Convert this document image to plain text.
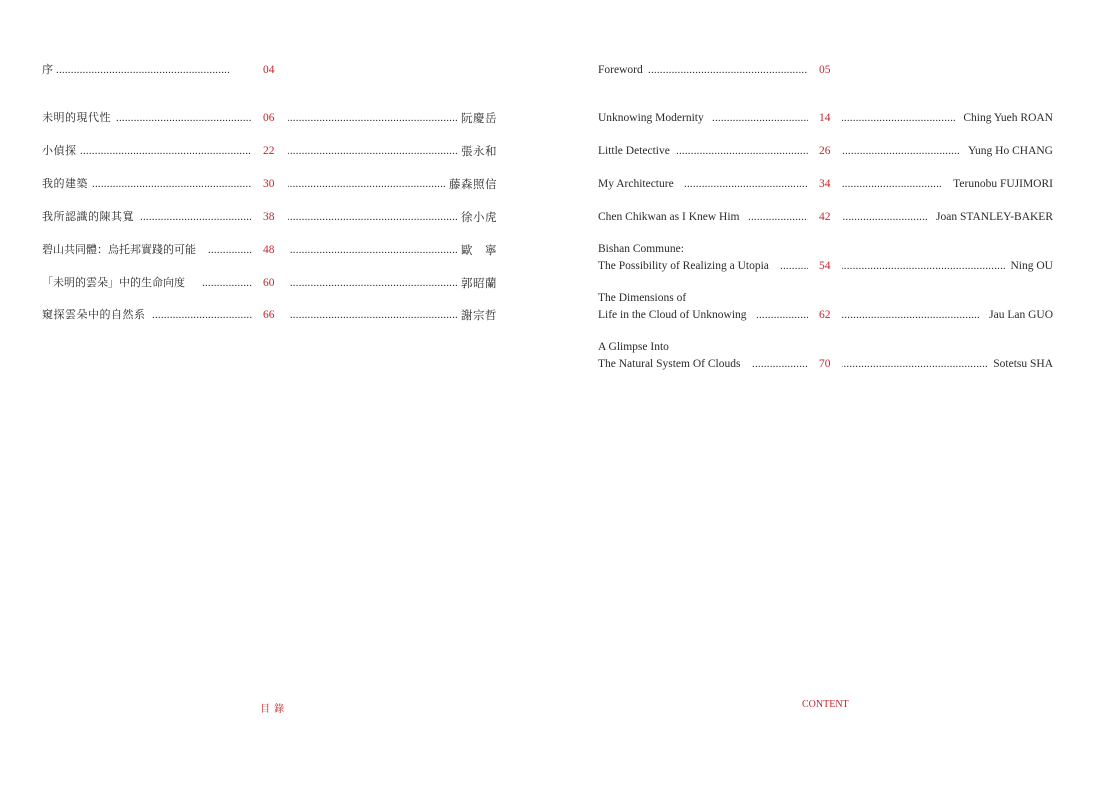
序 .....	04
未明的現代性 .....	06 .....	阮慶岳
小偵探 .....	22 .....	張永和
我的建築 .....	30 .....	藤森照信
我所認識的陳其寬 .....	38 .....	徐小虎
碧山共同體：烏托邦實踐的可能 .....	48 .....	歐　寧
「未明的雲朵」中的生命向度 .....	60 .....	郭昭蘭
窺探雲朵中的自然系 .....	66 .....	謝宗哲
目 錄
Foreword .....	05
Unknowing Modernity .....	14 .....	Ching Yueh ROAN
Little Detective .....	26 .....	Yung Ho CHANG
My Architecture .....	34 .....	Terunobu FUJIMORI
Chen Chikwan as I Knew Him .....	42 .....	Joan STANLEY-BAKER
Bishan Commune:
The Possibility of Realizing a Utopia .....	54 .....	Ning OU
The Dimensions of
Life in the Cloud of Unknowing .....	62 .....	Jau Lan GUO
A Glimpse Into
The Natural System Of Clouds .....	70 .....	Sotetsu SHA
CONTENT
